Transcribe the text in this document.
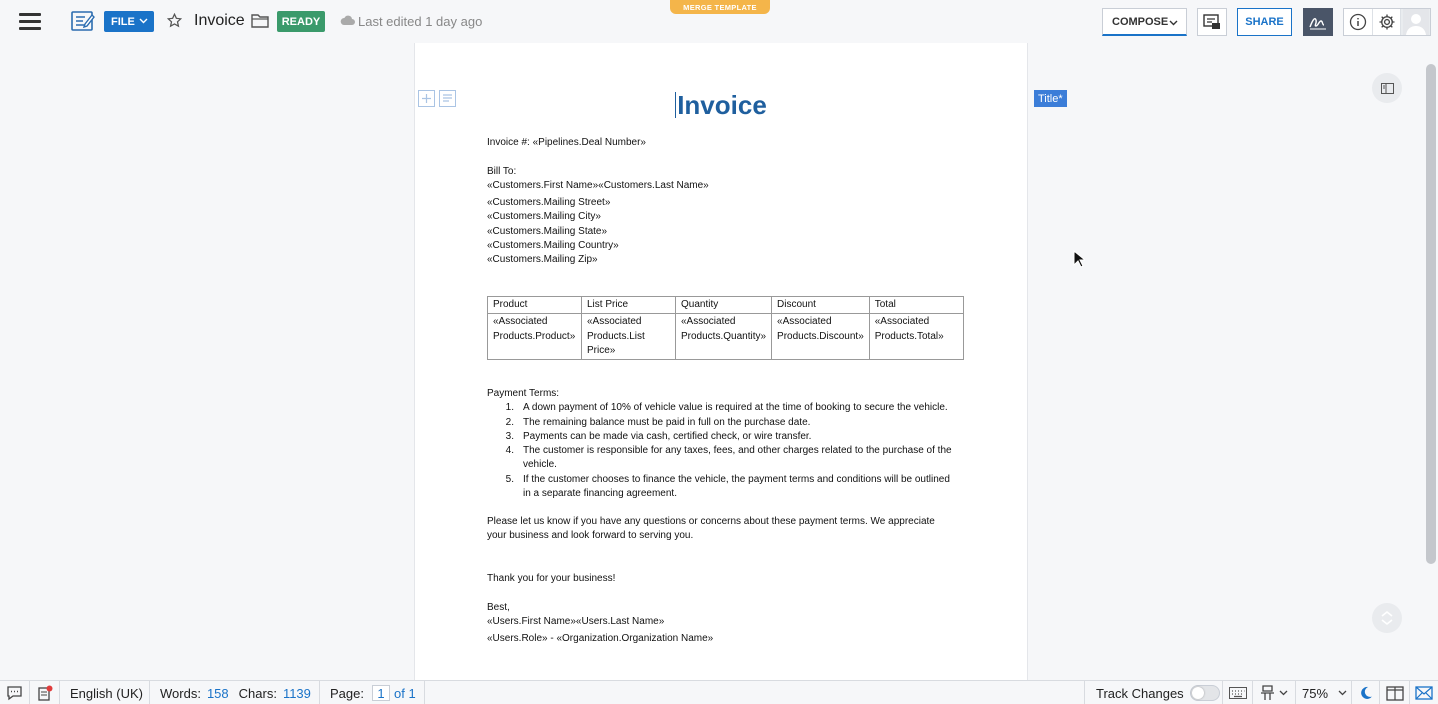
FILE	Invoice	READY	Last edited 1 day ago
MERGE TEMPLATE
COMPOSE	SHARE
Invoice
Invoice #: «Pipelines.Deal Number»
Bill To:
«Customers.First Name»«Customers.Last Name»
«Customers.Mailing Street»
«Customers.Mailing City»
«Customers.Mailing State»
«Customers.Mailing Country»
«Customers.Mailing Zip»
Product	List Price	Quantity	Discount	Total
«Associated Products.Product»	«Associated Products.List Price»	«Associated Products.Quantity»	«Associated Products.Discount»	«Associated Products.Total»
Payment Terms:
1. A down payment of 10% of vehicle value is required at the time of booking to secure the vehicle.
2. The remaining balance must be paid in full on the purchase date.
3. Payments can be made via cash, certified check, or wire transfer.
4. The customer is responsible for any taxes, fees, and other charges related to the purchase of the vehicle.
5. If the customer chooses to finance the vehicle, the payment terms and conditions will be outlined in a separate financing agreement.
Please let us know if you have any questions or concerns about these payment terms. We appreciate your business and look forward to serving you.
Thank you for your business!
Best,
«Users.First Name»«Users.Last Name»
«Users.Role» - «Organization.Organization Name»
Title*
English (UK) Words: 158 Chars: 1139 Page:
1 of 1	Track Changes	75%
